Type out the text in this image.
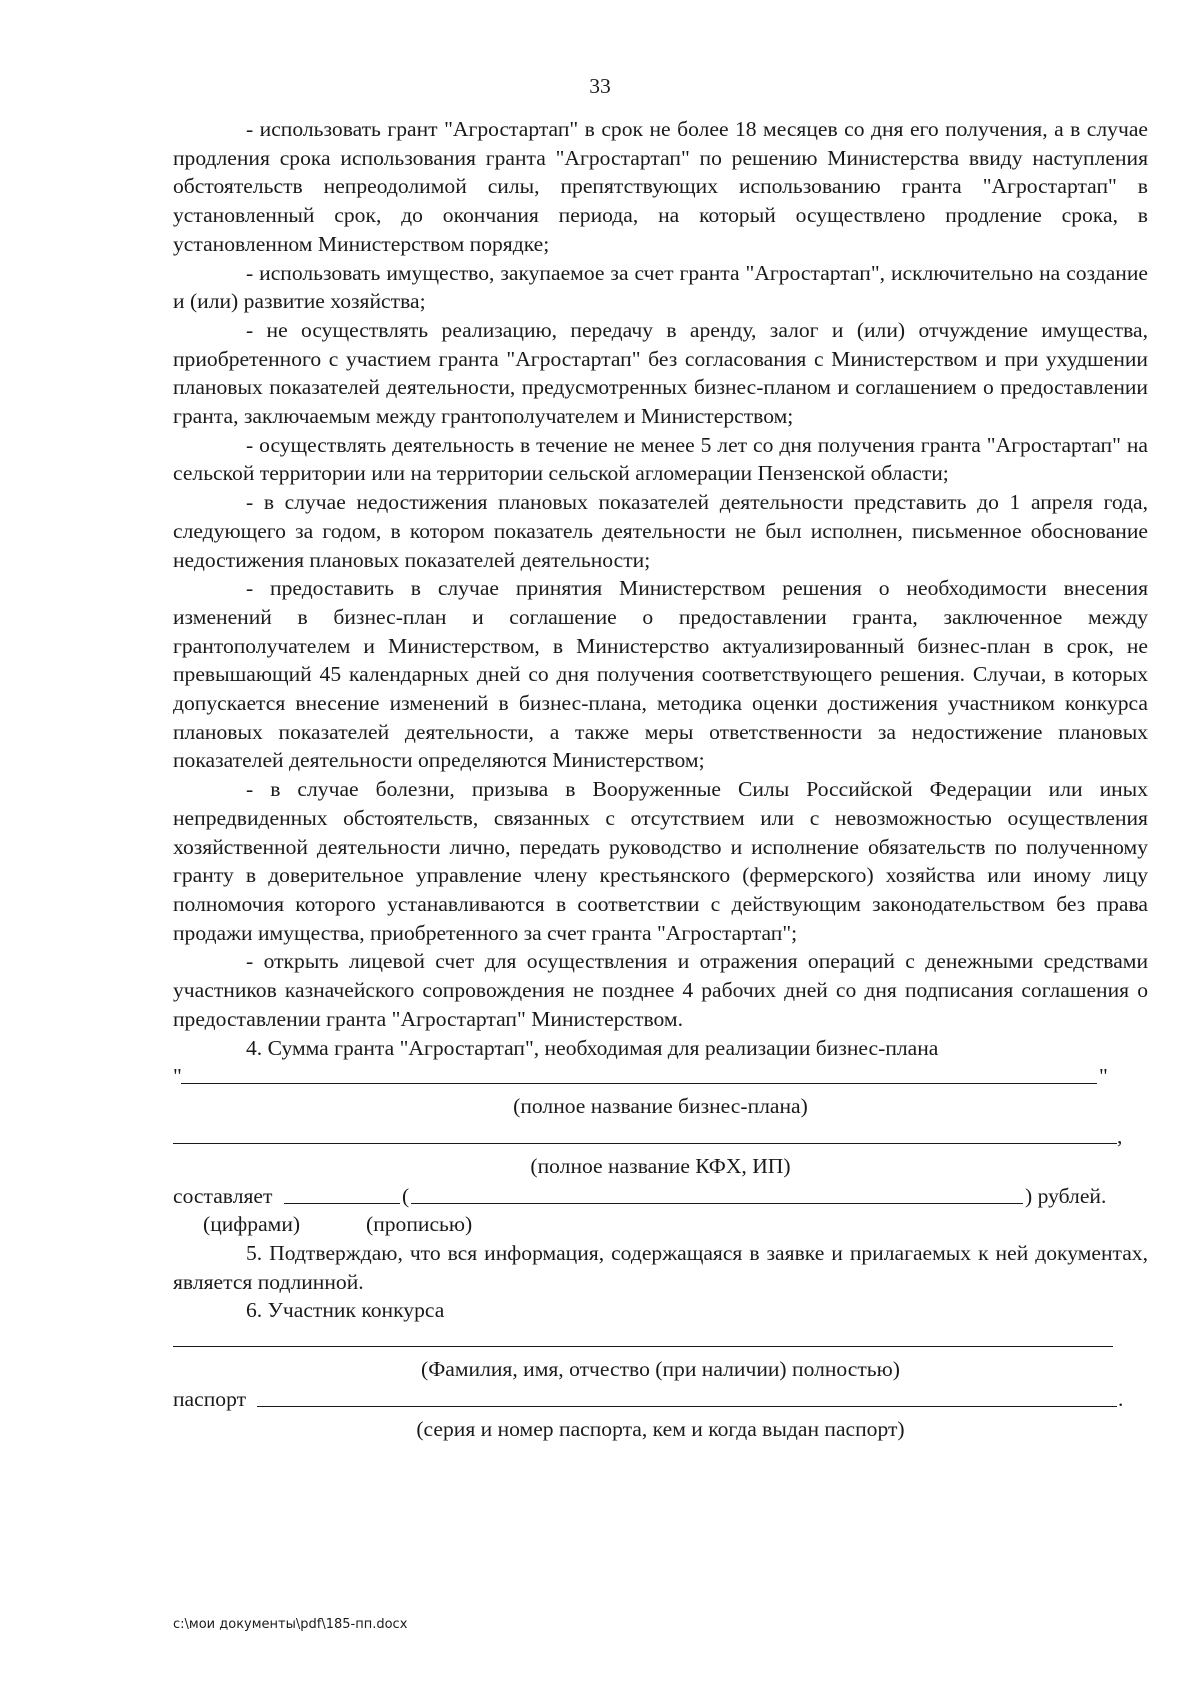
33

- использовать грант "Агростартап" в срок не более 18 месяцев со дня его получения, а в случае продления срока использования гранта "Агростартап" по решению Министерства ввиду наступления обстоятельств непреодолимой силы, препятствующих использованию гранта "Агростартап" в установленный срок, до окончания периода, на который осуществлено продление срока, в установленном Министерством порядке;

- использовать имущество, закупаемое за счет гранта "Агростартап", исключительно на создание и (или) развитие хозяйства;

- не осуществлять реализацию, передачу в аренду, залог и (или) отчуждение имущества, приобретенного с участием гранта "Агростартап" без согласования с Министерством и при ухудшении плановых показателей деятельности, предусмотренных бизнес-планом и соглашением о предоставлении гранта, заключаемым между грантополучателем и Министерством;

- осуществлять деятельность в течение не менее 5 лет со дня получения гранта "Агростартап" на сельской территории или на территории сельской агломерации Пензенской области;

- в случае недостижения плановых показателей деятельности представить до 1 апреля года, следующего за годом, в котором показатель деятельности не был исполнен, письменное обоснование недостижения плановых показателей деятельности;

- предоставить в случае принятия Министерством решения о необходимости внесения изменений в бизнес-план и соглашение о предоставлении гранта, заключенное между грантополучателем и Министерством, в Министерство актуализированный бизнес-план в срок, не превышающий 45 календарных дней со дня получения соответствующего решения. Случаи, в которых допускается внесение изменений в бизнес-плана, методика оценки достижения участником конкурса плановых показателей деятельности, а также меры ответственности за недостижение плановых показателей деятельности определяются Министерством;

- в случае болезни, призыва в Вооруженные Силы Российской Федерации или иных непредвиденных обстоятельств, связанных с отсутствием или с невозможностью осуществления хозяйственной деятельности лично, передать руководство и исполнение обязательств по полученному гранту в доверительное управление члену крестьянского (фермерского) хозяйства или иному лицу полномочия которого устанавливаются в соответствии с действующим законодательством без права продажи имущества, приобретенного за счет гранта "Агростартап";

- открыть лицевой счет для осуществления и отражения операций с денежными средствами участников казначейского сопровождения не позднее 4 рабочих дней со дня подписания соглашения о предоставлении гранта "Агростартап" Министерством.

4. Сумма гранта "Агростартап", необходимая для реализации бизнес-плана

"	"
(полное название бизнес-плана)
,
(полное название КФХ, ИП)
составляет	(	) рублей.
(цифрами)	(прописью)

5. Подтверждаю, что вся информация, содержащаяся в заявке и прилагаемых к ней документах, является подлинной.

6. Участник конкурса

(Фамилия, имя, отчество (при наличии) полностью)
паспорт	.
(серия и номер паспорта, кем и когда выдан паспорт)
c:\мои документы\pdf\185-пп.docx
